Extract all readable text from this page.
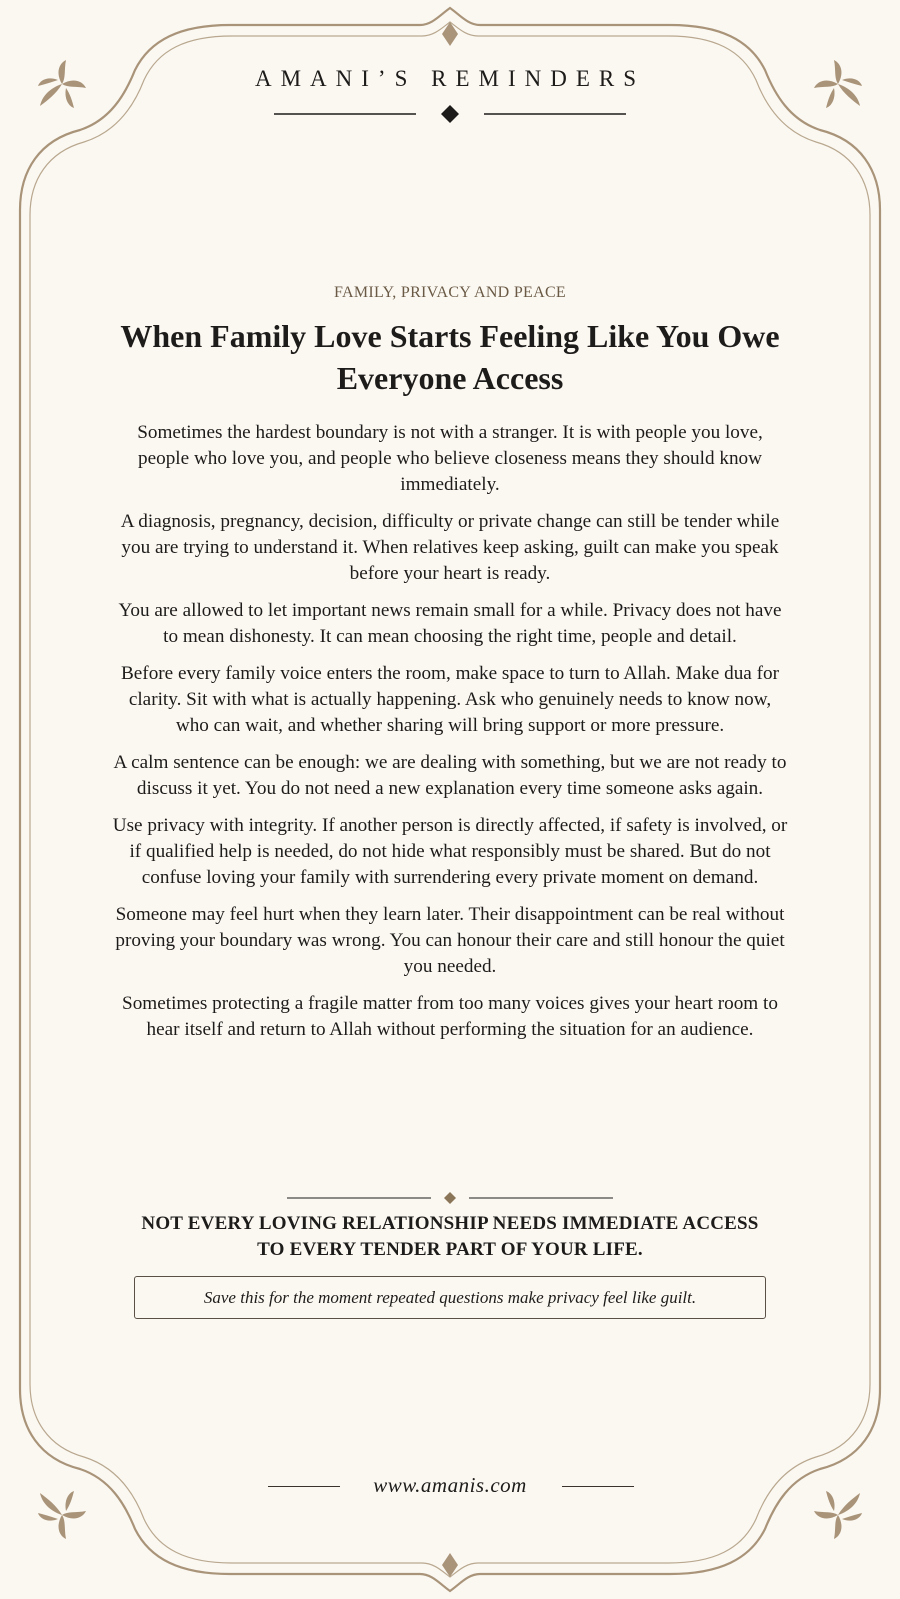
AMANI’S REMINDERS
FAMILY, PRIVACY AND PEACE
When Family Love Starts Feeling Like You Owe Everyone Access

Sometimes the hardest boundary is not with a stranger. It is with people you love, people who love you, and people who believe closeness means they should know immediately.

A diagnosis, pregnancy, decision, difficulty or private change can still be tender while you are trying to understand it. When relatives keep asking, guilt can make you speak before your heart is ready.

You are allowed to let important news remain small for a while. Privacy does not have to mean dishonesty. It can mean choosing the right time, people and detail.

Before every family voice enters the room, make space to turn to Allah. Make dua for clarity. Sit with what is actually happening. Ask who genuinely needs to know now, who can wait, and whether sharing will bring support or more pressure.

A calm sentence can be enough: we are dealing with something, but we are not ready to discuss it yet. You do not need a new explanation every time someone asks again.

Use privacy with integrity. If another person is directly affected, if safety is involved, or if qualified help is needed, do not hide what responsibly must be shared. But do not confuse loving your family with surrendering every private moment on demand.

Someone may feel hurt when they learn later. Their disappointment can be real without proving your boundary was wrong. You can honour their care and still honour the quiet you needed.

Sometimes protecting a fragile matter from too many voices gives your heart room to hear itself and return to Allah without performing the situation for an audience.

NOT EVERY LOVING RELATIONSHIP NEEDS IMMEDIATE ACCESS TO EVERY TENDER PART OF YOUR LIFE.
Save this for the moment repeated questions make privacy feel like guilt.
www.amanis.com
